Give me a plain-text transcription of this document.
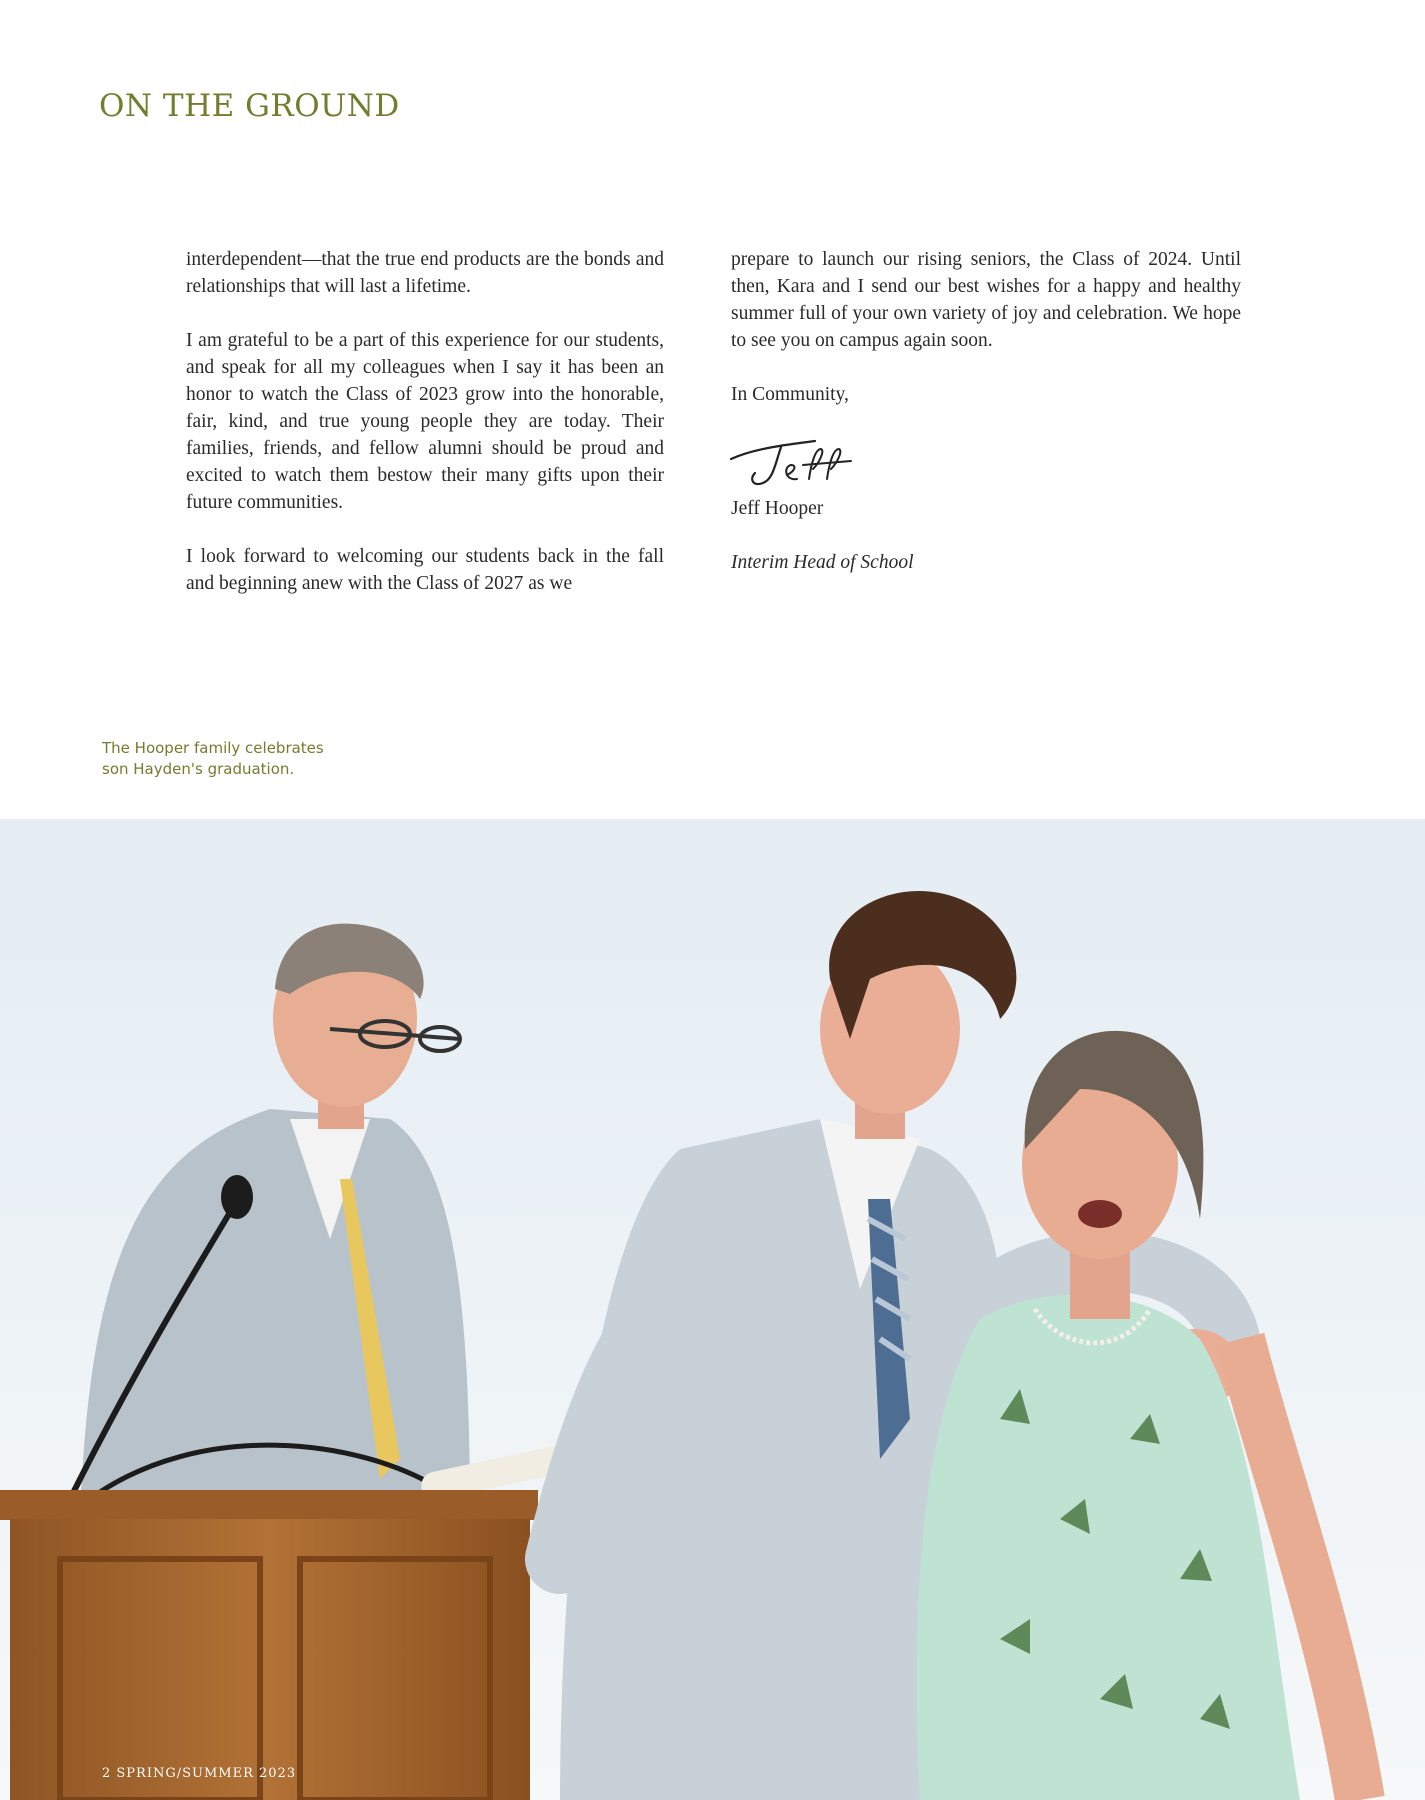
ON THE GROUND

interdependent—that the true end products are the bonds and relationships that will last a lifetime.

I am grateful to be a part of this experience for our students, and speak for all my colleagues when I say it has been an honor to watch the Class of 2023 grow into the honorable, fair, kind, and true young people they are today. Their families, friends, and fellow alumni should be proud and excited to watch them bestow their many gifts upon their future communities.

I look forward to welcoming our students back in the fall and beginning anew with the Class of 2027 as we

prepare to launch our rising seniors, the Class of 2024. Until then, Kara and I send our best wishes for a happy and healthy summer full of your own variety of joy and celebration. We hope to see you on campus again soon.

In Community,

Jeff Hooper

Interim Head of School

The Hooper family celebrates
son Hayden's graduation.
2 SPRING/SUMMER 2023
